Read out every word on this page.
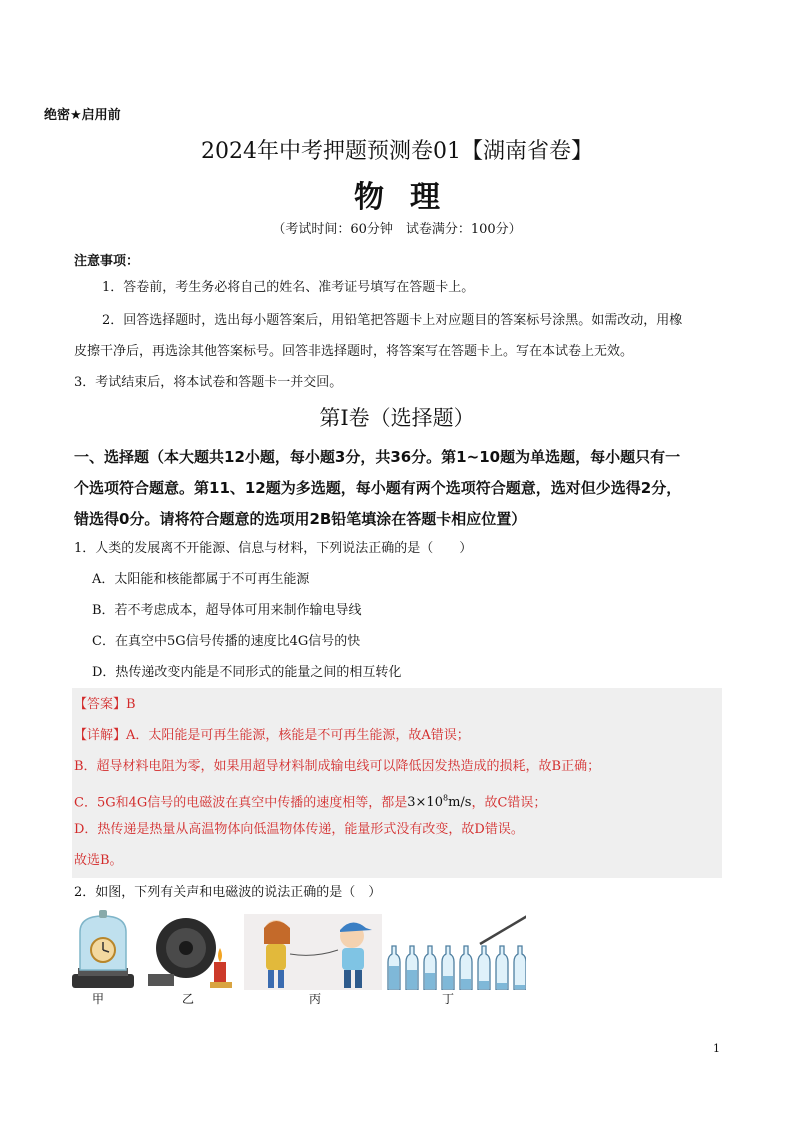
绝密★启用前
2024年中考押题预测卷01【湖南省卷】
物理
（考试时间：60分钟　试卷满分：100分）
注意事项：
1．答卷前，考生务必将自己的姓名、准考证号填写在答题卡上。
2．回答选择题时，选出每小题答案后，用铅笔把答题卡上对应题目的答案标号涂黑。如需改动，用橡
皮擦干净后，再选涂其他答案标号。回答非选择题时，将答案写在答题卡上。写在本试卷上无效。
3．考试结束后，将本试卷和答题卡一并交回。
第Ⅰ卷（选择题）
一、选择题（本大题共12小题，每小题3分，共36分。第1~10题为单选题，每小题只有一
个选项符合题意。第11、12题为多选题，每小题有两个选项符合题意，选对但少选得2分，
错选得0分。请将符合题意的选项用2B铅笔填涂在答题卡相应位置）
1．人类的发展离不开能源、信息与材料，下列说法正确的是（　　）
A．太阳能和核能都属于不可再生能源
B．若不考虑成本，超导体可用来制作输电导线
C．在真空中5G信号传播的速度比4G信号的快
D．热传递改变内能是不同形式的能量之间的相互转化
【答案】B
【详解】A．太阳能是可再生能源，核能是不可再生能源，故A错误；
B．超导材料电阻为零，如果用超导材料制成输电线可以降低因发热造成的损耗，故B正确；
C．5G和4G信号的电磁波在真空中传播的速度相等，都是$3\times 10^8m/s$，故C错误；
D．热传递是热量从高温物体向低温物体传递，能量形式没有改变，故D错误。
故选B。
2．如图，下列有关声和电磁波的说法正确的是（　）
甲	乙	丙	丁
1
